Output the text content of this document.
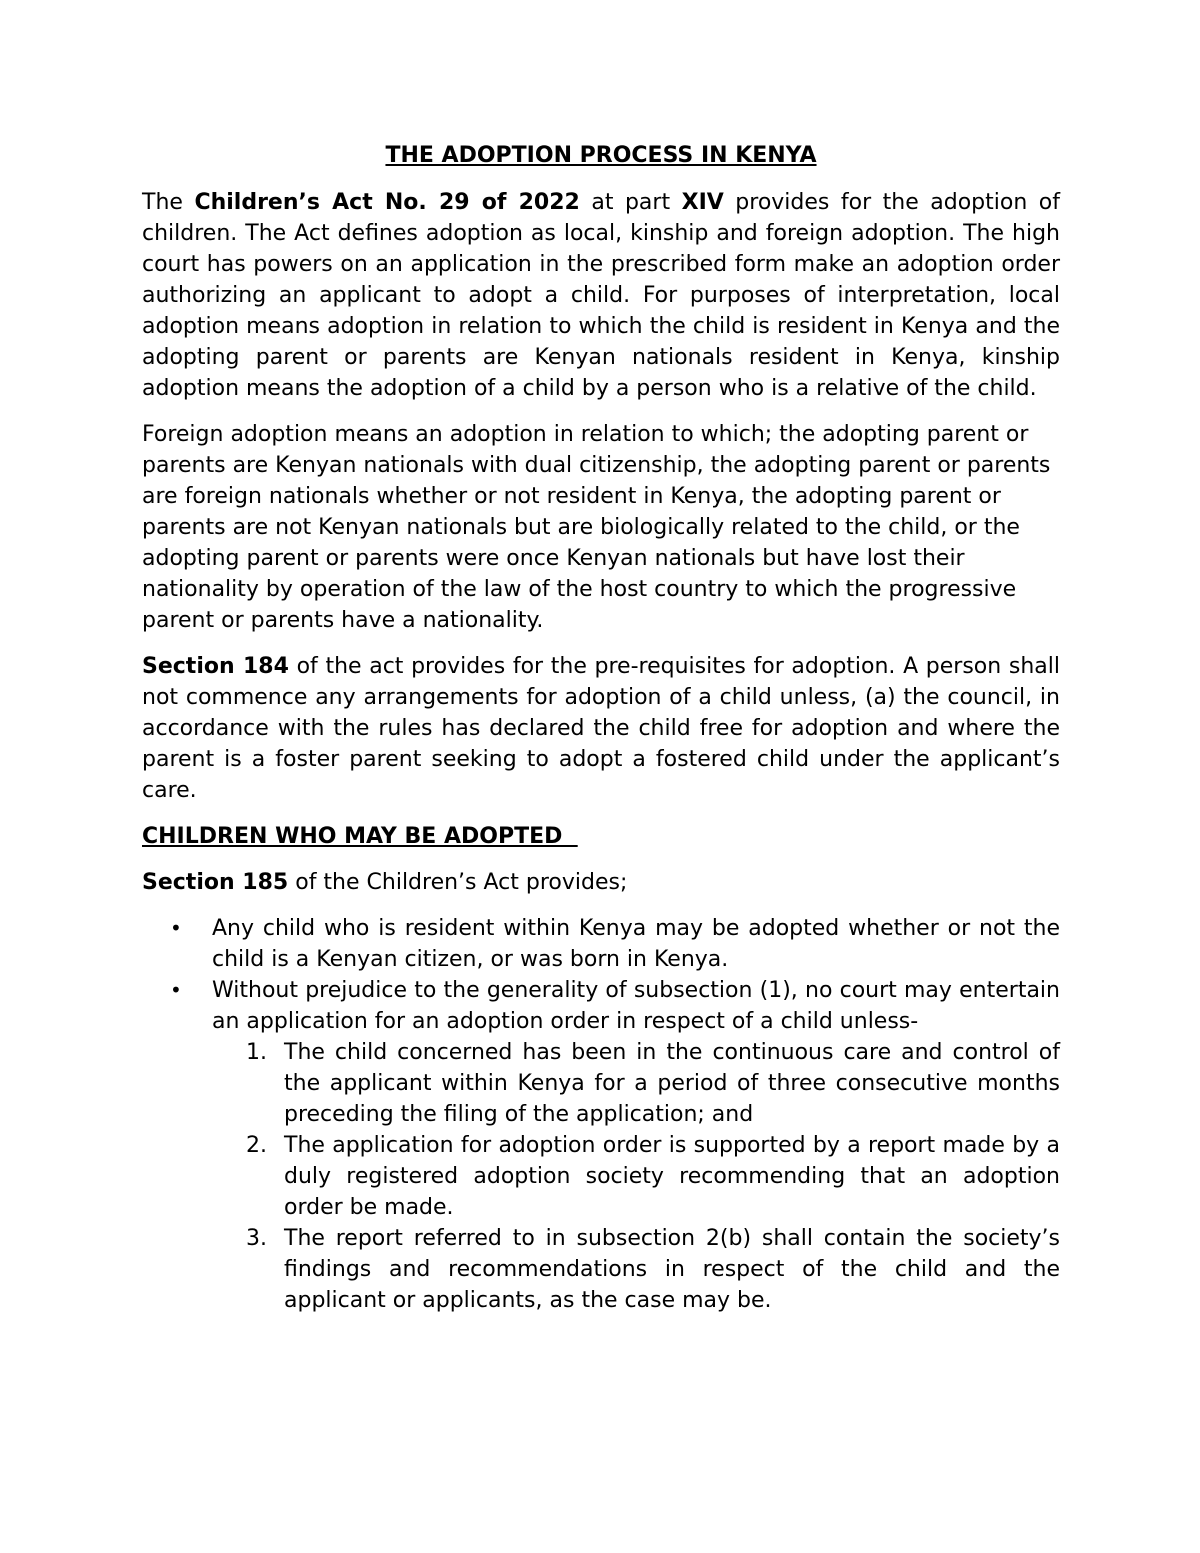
THE ADOPTION PROCESS IN KENYA

The Children’s Act No. 29 of 2022 at part XIV provides for the adoption of children. The Act defines adoption as local, kinship and foreign adoption. The high court has powers on an application in the prescribed form make an adoption order authorizing an applicant to adopt a child. For purposes of interpretation, local adoption means adoption in relation to which the child is resident in Kenya and the adopting parent or parents are Kenyan nationals resident in Kenya, kinship adoption means the adoption of a child by a person who is a relative of the child.

Foreign adoption means an adoption in relation to which; the adopting parent or parents are Kenyan nationals with dual citizenship, the adopting parent or parents are foreign nationals whether or not resident in Kenya, the adopting parent or parents are not Kenyan nationals but are biologically related to the child, or the adopting parent or parents were once Kenyan nationals but have lost their nationality by operation of the law of the host country to which the progressive parent or parents have a nationality.

Section 184 of the act provides for the pre-requisites for adoption. A person shall not commence any arrangements for adoption of a child unless, (a) the council, in accordance with the rules has declared the child free for adoption and where the parent is a foster parent seeking to adopt a fostered child under the applicant’s care.

CHILDREN WHO MAY BE ADOPTED

Section 185 of the Children’s Act provides;

• Any child who is resident within Kenya may be adopted whether or not the child is a Kenyan citizen, or was born in Kenya.
• Without prejudice to the generality of subsection (1), no court may entertain an application for an adoption order in respect of a child unless-
1. The child concerned has been in the continuous care and control of the applicant within Kenya for a period of three consecutive months preceding the filing of the application; and
2. The application for adoption order is supported by a report made by a duly registered adoption society recommending that an adoption order be made.
3. The report referred to in subsection 2(b) shall contain the society’s findings and recommendations in respect of the child and the applicant or applicants, as the case may be.
